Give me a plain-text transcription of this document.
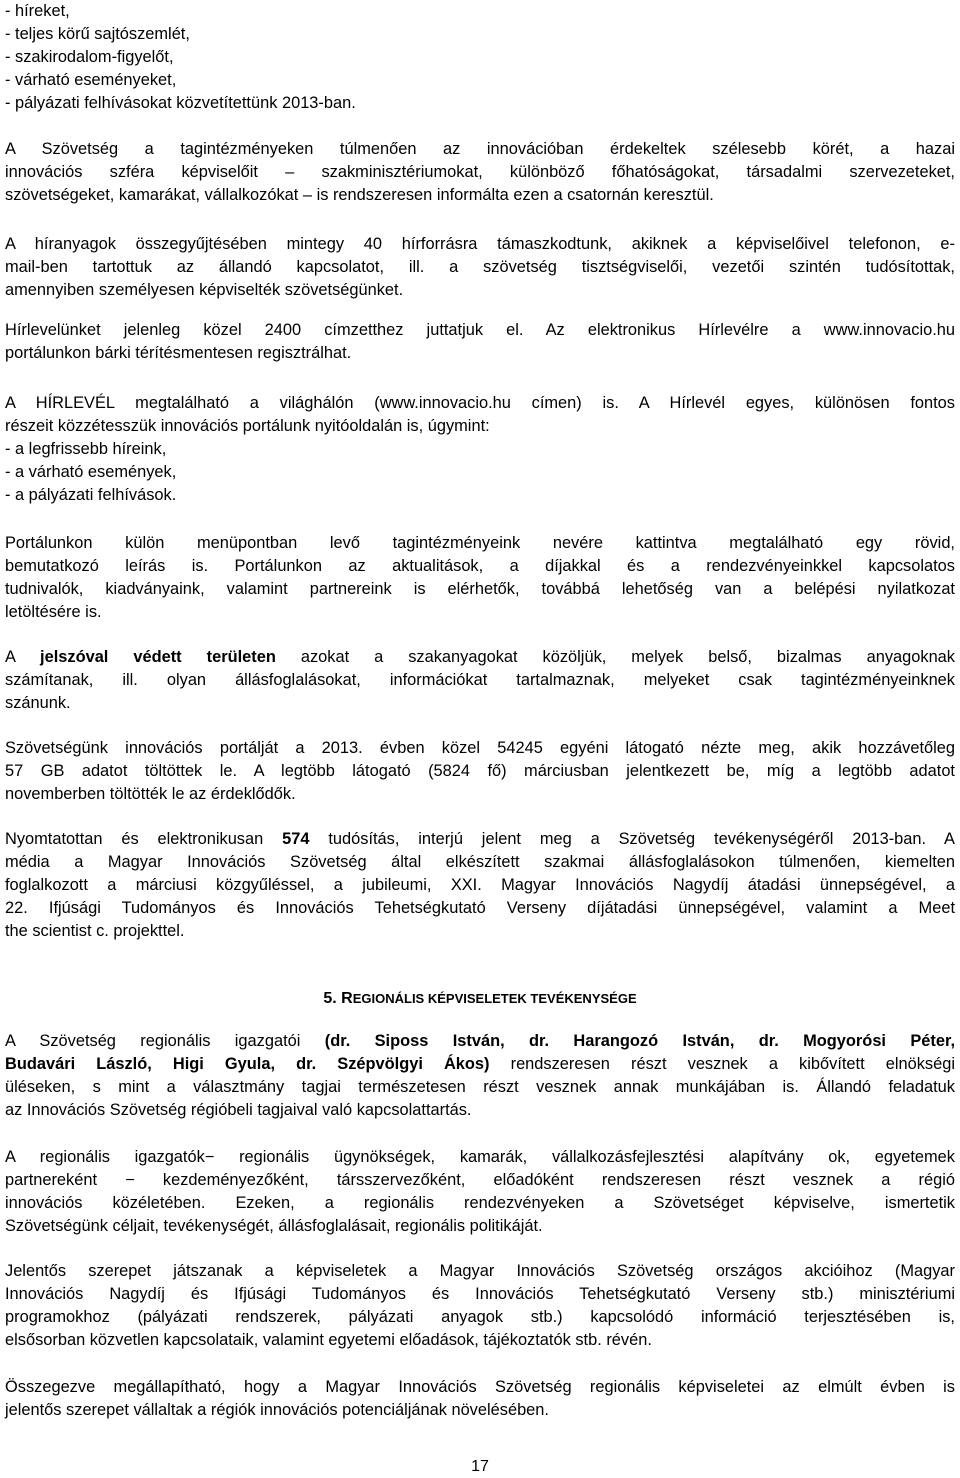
- híreket,
- teljes körű sajtószemlét,
- szakirodalom-figyelőt,
- várható eseményeket,
- pályázati felhívásokat közvetítettünk 2013-ban.
A Szövetség a tagintézményeken túlmenően az innovációban érdekeltek szélesebb körét, a hazai
innovációs szféra képviselőit – szakminisztériumokat, különböző főhatóságokat, társadalmi szervezeteket,
szövetségeket, kamarákat, vállalkozókat – is rendszeresen informálta ezen a csatornán keresztül.
A híranyagok összegyűjtésében mintegy 40 hírforrásra támaszkodtunk, akiknek a képviselőivel telefonon, e-
mail-ben tartottuk az állandó kapcsolatot, ill. a szövetség tisztségviselői, vezetői szintén tudósítottak,
amennyiben személyesen képviselték szövetségünket.
Hírlevelünket jelenleg közel 2400 címzetthez juttatjuk el. Az elektronikus Hírlevélre a www.innovacio.hu
portálunkon bárki térítésmentesen regisztrálhat.
A HÍRLEVÉL megtalálható a világhálón (www.innovacio.hu címen) is. A Hírlevél egyes, különösen fontos
részeit közzétesszük innovációs portálunk nyitóoldalán is, úgymint:
- a legfrissebb híreink,
- a várható események,
- a pályázati felhívások.
Portálunkon külön menüpontban levő tagintézményeink nevére kattintva megtalálható egy rövid,
bemutatkozó leírás is. Portálunkon az aktualitások, a díjakkal és a rendezvényeinkkel kapcsolatos
tudnivalók, kiadványaink, valamint partnereink is elérhetők, továbbá lehetőség van a belépési nyilatkozat
letöltésére is.
A jelszóval védett területen azokat a szakanyagokat közöljük, melyek belső, bizalmas anyagoknak
számítanak, ill. olyan állásfoglalásokat, információkat tartalmaznak, melyeket csak tagintézményeinknek
szánunk.
Szövetségünk innovációs portálját a 2013. évben közel 54245 egyéni látogató nézte meg, akik hozzávetőleg
57 GB adatot töltöttek le. A legtöbb látogató (5824 fő) márciusban jelentkezett be, míg a legtöbb adatot
novemberben töltötték le az érdeklődők.
Nyomtatottan és elektronikusan 574 tudósítás, interjú jelent meg a Szövetség tevékenységéről 2013-ban. A
média a Magyar Innovációs Szövetség által elkészített szakmai állásfoglalásokon túlmenően, kiemelten
foglalkozott a márciusi közgyűléssel, a jubileumi, XXI. Magyar Innovációs Nagydíj átadási ünnepségével, a
22. Ifjúsági Tudományos és Innovációs Tehetségkutató Verseny díjátadási ünnepségével, valamint a Meet
the scientist c. projekttel.
5. REGIONÁLIS KÉPVISELETEK TEVÉKENYSÉGE
A Szövetség regionális igazgatói (dr. Siposs István, dr. Harangozó István, dr. Mogyorósi Péter,
Budavári László, Higi Gyula, dr. Szépvölgyi Ákos) rendszeresen részt vesznek a kibővített elnökségi
üléseken, s mint a választmány tagjai természetesen részt vesznek annak munkájában is. Állandó feladatuk
az Innovációs Szövetség régióbeli tagjaival való kapcsolattartás.
A regionális igazgatók− regionális ügynökségek, kamarák, vállalkozásfejlesztési alapítvány ok, egyetemek
partnereként − kezdeményezőként, társszervezőként, előadóként rendszeresen részt vesznek a régió
innovációs közéletében. Ezeken, a regionális rendezvényeken a Szövetséget képviselve, ismertetik
Szövetségünk céljait, tevékenységét, állásfoglalásait, regionális politikáját.
Jelentős szerepet játszanak a képviseletek a Magyar Innovációs Szövetség országos akcióihoz (Magyar
Innovációs Nagydíj és Ifjúsági Tudományos és Innovációs Tehetségkutató Verseny stb.) minisztériumi
programokhoz (pályázati rendszerek, pályázati anyagok stb.) kapcsolódó információ terjesztésében is,
elsősorban közvetlen kapcsolataik, valamint egyetemi előadások, tájékoztatók stb. révén.
Összegezve megállapítható, hogy a Magyar Innovációs Szövetség regionális képviseletei az elmúlt évben is
jelentős szerepet vállaltak a régiók innovációs potenciáljának növelésében.
17
